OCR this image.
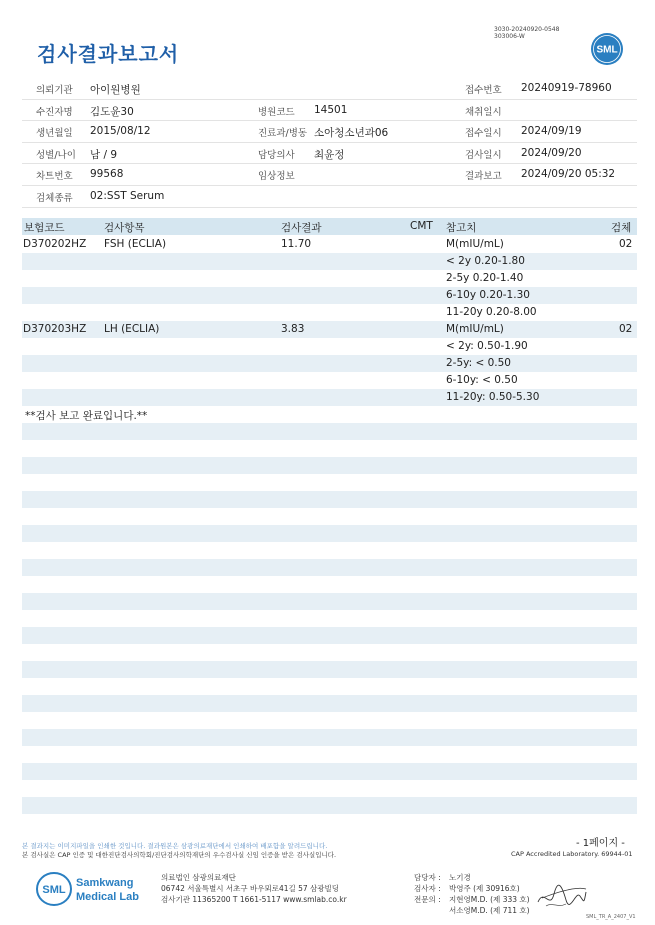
3030-20240920-0548
303006-W
검사결과보고서	SML
의뢰기관 아이원병원	접수번호 20240919-78960
수진자명 김도윤30	병원코드 14501	채취일시
생년월일 2015/08/12	진료과/병동 소아청소년과06	접수일시 2024/09/19
성별/나이 남 / 9	담당의사 최윤정	검사일시 2024/09/20
차트번호 99568	임상정보	결과보고 2024/09/20 05:32
검체종류 02:SST Serum
보험코드	검사항목	검사결과	CMT 참고치	검체
D370202HZ FSH (ECLIA)	11.70	M(mIU/mL)	02
< 2y 0.20-1.80
2-5y 0.20-1.40
6-10y 0.20-1.30
11-20y 0.20-8.00
D370203HZ LH (ECLIA)	3.83	M(mIU/mL)	02
< 2y: 0.50-1.90
2-5y: < 0.50
6-10y: < 0.50
11-20y: 0.50-5.30
**검사 보고 완료입니다.**
- 1페이지 -
본 결과지는 이미지파일을 인쇄한 것입니다. 결과원본은 삼광의료재단에서 인쇄하여 배포함을 알려드립니다.
본 검사실은 CAP 인증 및 대한진단검사의학회/진단검사의학재단의 우수검사실 신임 인증을 받은 검사실입니다.	CAP Accredited Laboratory. 69944-01
SML
Samkwang
Medical Lab
의료법인 삼광의료재단
06742 서울특별시 서초구 바우뫼로41길 57 삼광빌딩
검사기관 11365200 T 1661-5117 www.smlab.co.kr
담당자 : 노기경
검사자 : 박영주 (제 30916호)
전문의 : 지현영M.D. (제 333 호)
서소영M.D. (제 711 호)
SML_TR_A_2407_V1
